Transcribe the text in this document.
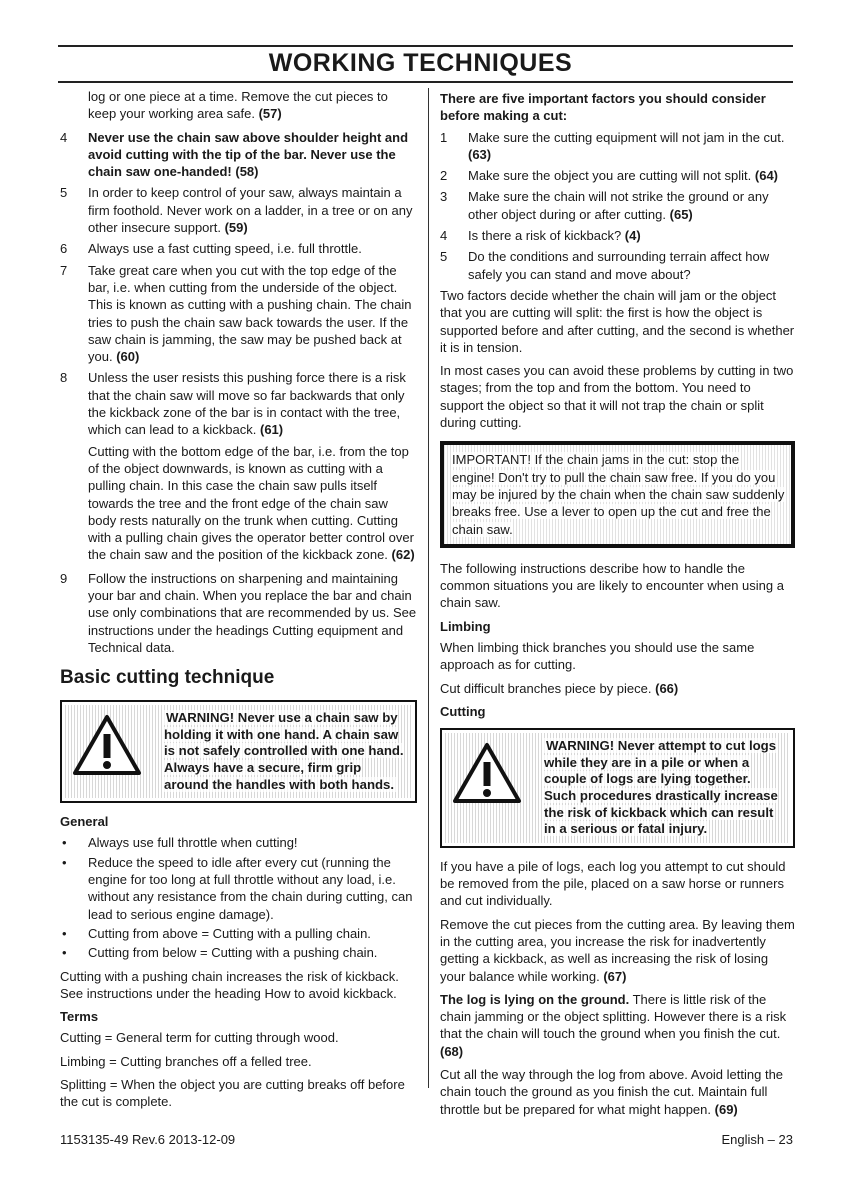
WORKING TECHNIQUES

log or one piece at a time. Remove the cut pieces to keep your working area safe. (57)

4 Never use the chain saw above shoulder height and avoid cutting with the tip of the bar. Never use the chain saw one-handed! (58)
5 In order to keep control of your saw, always maintain a firm foothold. Never work on a ladder, in a tree or on any other insecure support. (59)
6 Always use a fast cutting speed, i.e. full throttle.
7 Take great care when you cut with the top edge of the bar, i.e. when cutting from the underside of the object. This is known as cutting with a pushing chain. The chain tries to push the chain saw back towards the user. If the saw chain is jamming, the saw may be pushed back at you. (60)
8 Unless the user resists this pushing force there is a risk that the chain saw will move so far backwards that only the kickback zone of the bar is in contact with the tree, which can lead to a kickback. (61)

Cutting with the bottom edge of the bar, i.e. from the top of the object downwards, is known as cutting with a pulling chain. In this case the chain saw pulls itself towards the tree and the front edge of the chain saw body rests naturally on the trunk when cutting. Cutting with a pulling chain gives the operator better control over the chain saw and the position of the kickback zone. (62)

9 Follow the instructions on sharpening and maintaining your bar and chain. When you replace the bar and chain use only combinations that are recommended by us. See instructions under the headings Cutting equipment and Technical data.
Basic cutting technique
WARNING! Never use a chain saw by holding it with one hand. A chain saw is not safely controlled with one hand. Always have a secure, firm grip around the handles with both hands.
General
• Always use full throttle when cutting!
• Reduce the speed to idle after every cut (running the engine for too long at full throttle without any load, i.e. without any resistance from the chain during cutting, can lead to serious engine damage).
• Cutting from above = Cutting with a pulling chain.
• Cutting from below = Cutting with a pushing chain.

Cutting with a pushing chain increases the risk of kickback. See instructions under the heading How to avoid kickback.

Terms

Cutting = General term for cutting through wood.

Limbing = Cutting branches off a felled tree.

Splitting = When the object you are cutting breaks off before the cut is complete.

There are five important factors you should consider before making a cut:
1 Make sure the cutting equipment will not jam in the cut. (63)
2 Make sure the object you are cutting will not split. (64)
3 Make sure the chain will not strike the ground or any other object during or after cutting. (65)
4 Is there a risk of kickback? (4)
5 Do the conditions and surrounding terrain affect how safely you can stand and move about?

Two factors decide whether the chain will jam or the object that you are cutting will split: the first is how the object is supported before and after cutting, and the second is whether it is in tension.

In most cases you can avoid these problems by cutting in two stages; from the top and from the bottom. You need to support the object so that it will not trap the chain or split during cutting.

IMPORTANT! If the chain jams in the cut: stop the engine! Don't try to pull the chain saw free. If you do you may be injured by the chain when the chain saw suddenly breaks free. Use a lever to open up the cut and free the chain saw.

The following instructions describe how to handle the common situations you are likely to encounter when using a chain saw.

Limbing

When limbing thick branches you should use the same approach as for cutting.

Cut difficult branches piece by piece. (66)

Cutting
WARNING! Never attempt to cut logs while they are in a pile or when a couple of logs are lying together. Such procedures drastically increase the risk of kickback which can result in a serious or fatal injury.

If you have a pile of logs, each log you attempt to cut should be removed from the pile, placed on a saw horse or runners and cut individually.

Remove the cut pieces from the cutting area. By leaving them in the cutting area, you increase the risk for inadvertently getting a kickback, as well as increasing the risk of losing your balance while working. (67)

The log is lying on the ground. There is little risk of the chain jamming or the object splitting. However there is a risk that the chain will touch the ground when you finish the cut. (68)

Cut all the way through the log from above. Avoid letting the chain touch the ground as you finish the cut. Maintain full throttle but be prepared for what might happen. (69)

1153135-49 Rev.6 2013-12-09	English – 23
